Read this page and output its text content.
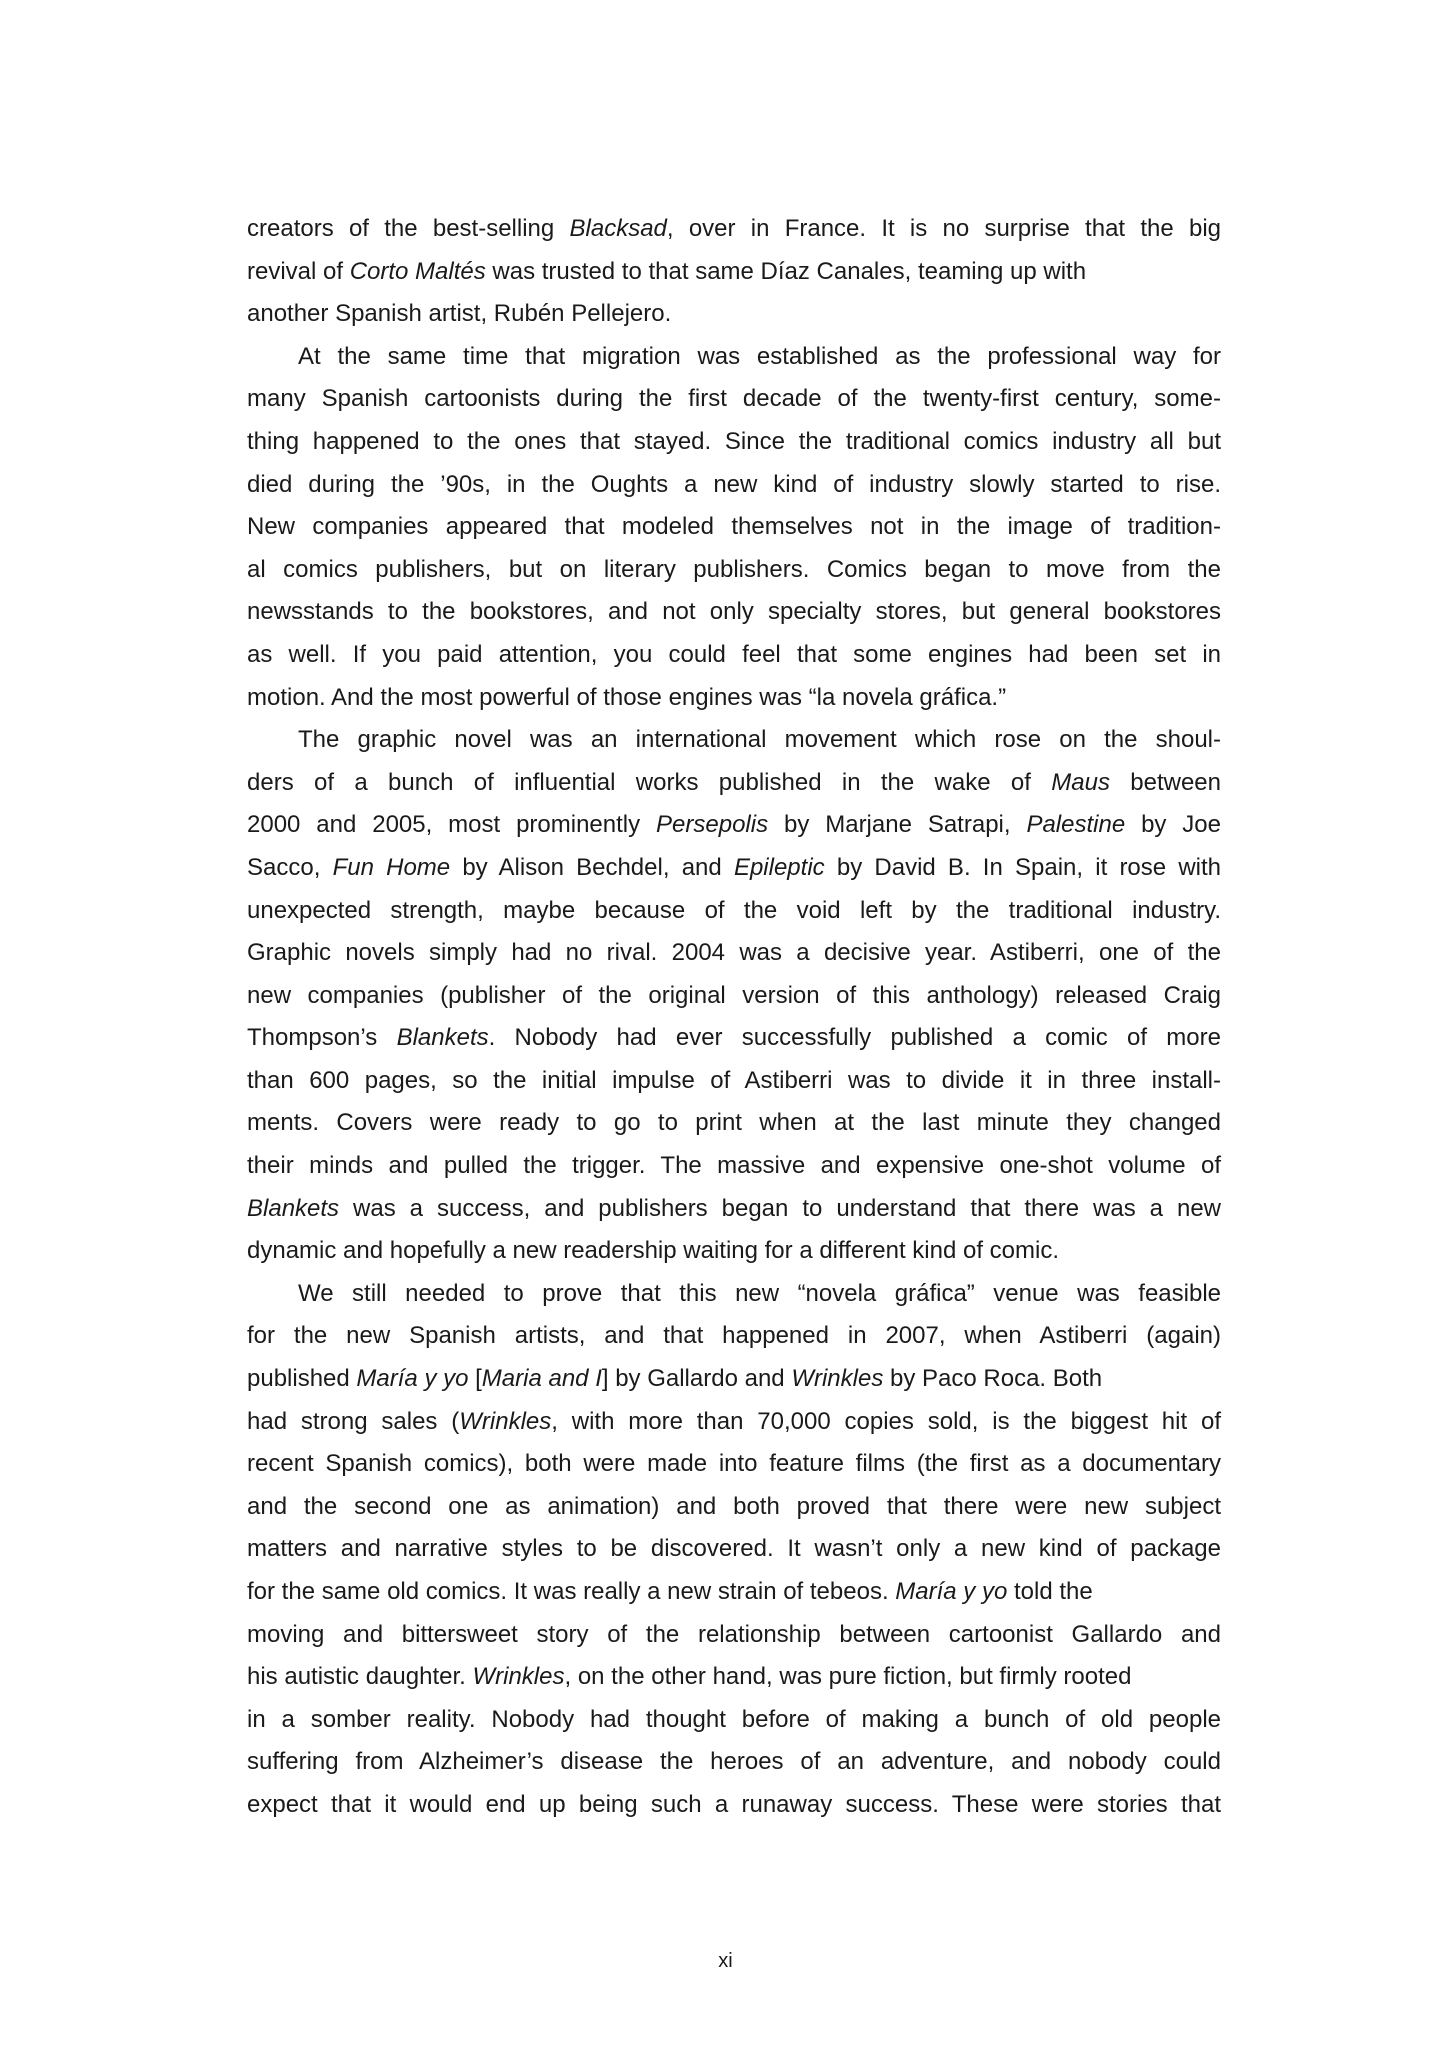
creators of the best-selling Blacksad, over in France. It is no surprise that the big
revival of Corto Maltés was trusted to that same Díaz Canales, teaming up with
another Spanish artist, Rubén Pellejero.
At the same time that migration was established as the professional way for
many Spanish cartoonists during the first decade of the twenty-first century, some-
thing happened to the ones that stayed. Since the traditional comics industry all but
died during the ’90s, in the Oughts a new kind of industry slowly started to rise.
New companies appeared that modeled themselves not in the image of tradition-
al comics publishers, but on literary publishers. Comics began to move from the
newsstands to the bookstores, and not only specialty stores, but general bookstores
as well. If you paid attention, you could feel that some engines had been set in
motion. And the most powerful of those engines was “la novela gráfica.”
The graphic novel was an international movement which rose on the shoul-
ders of a bunch of influential works published in the wake of Maus between
2000 and 2005, most prominently Persepolis by Marjane Satrapi, Palestine by Joe
Sacco, Fun Home by Alison Bechdel, and Epileptic by David B. In Spain, it rose with
unexpected strength, maybe because of the void left by the traditional industry.
Graphic novels simply had no rival. 2004 was a decisive year. Astiberri, one of the
new companies (publisher of the original version of this anthology) released Craig
Thompson’s Blankets. Nobody had ever successfully published a comic of more
than 600 pages, so the initial impulse of Astiberri was to divide it in three install-
ments. Covers were ready to go to print when at the last minute they changed
their minds and pulled the trigger. The massive and expensive one-shot volume of
Blankets was a success, and publishers began to understand that there was a new
dynamic and hopefully a new readership waiting for a different kind of comic.
We still needed to prove that this new “novela gráfica” venue was feasible
for the new Spanish artists, and that happened in 2007, when Astiberri (again)
published María y yo [Maria and I] by Gallardo and Wrinkles by Paco Roca. Both
had strong sales (Wrinkles, with more than 70,000 copies sold, is the biggest hit of
recent Spanish comics), both were made into feature films (the first as a documentary
and the second one as animation) and both proved that there were new subject
matters and narrative styles to be discovered. It wasn’t only a new kind of package
for the same old comics. It was really a new strain of tebeos. María y yo told the
moving and bittersweet story of the relationship between cartoonist Gallardo and
his autistic daughter. Wrinkles, on the other hand, was pure fiction, but firmly rooted
in a somber reality. Nobody had thought before of making a bunch of old people
suffering from Alzheimer’s disease the heroes of an adventure, and nobody could
expect that it would end up being such a runaway success. These were stories that
xi
